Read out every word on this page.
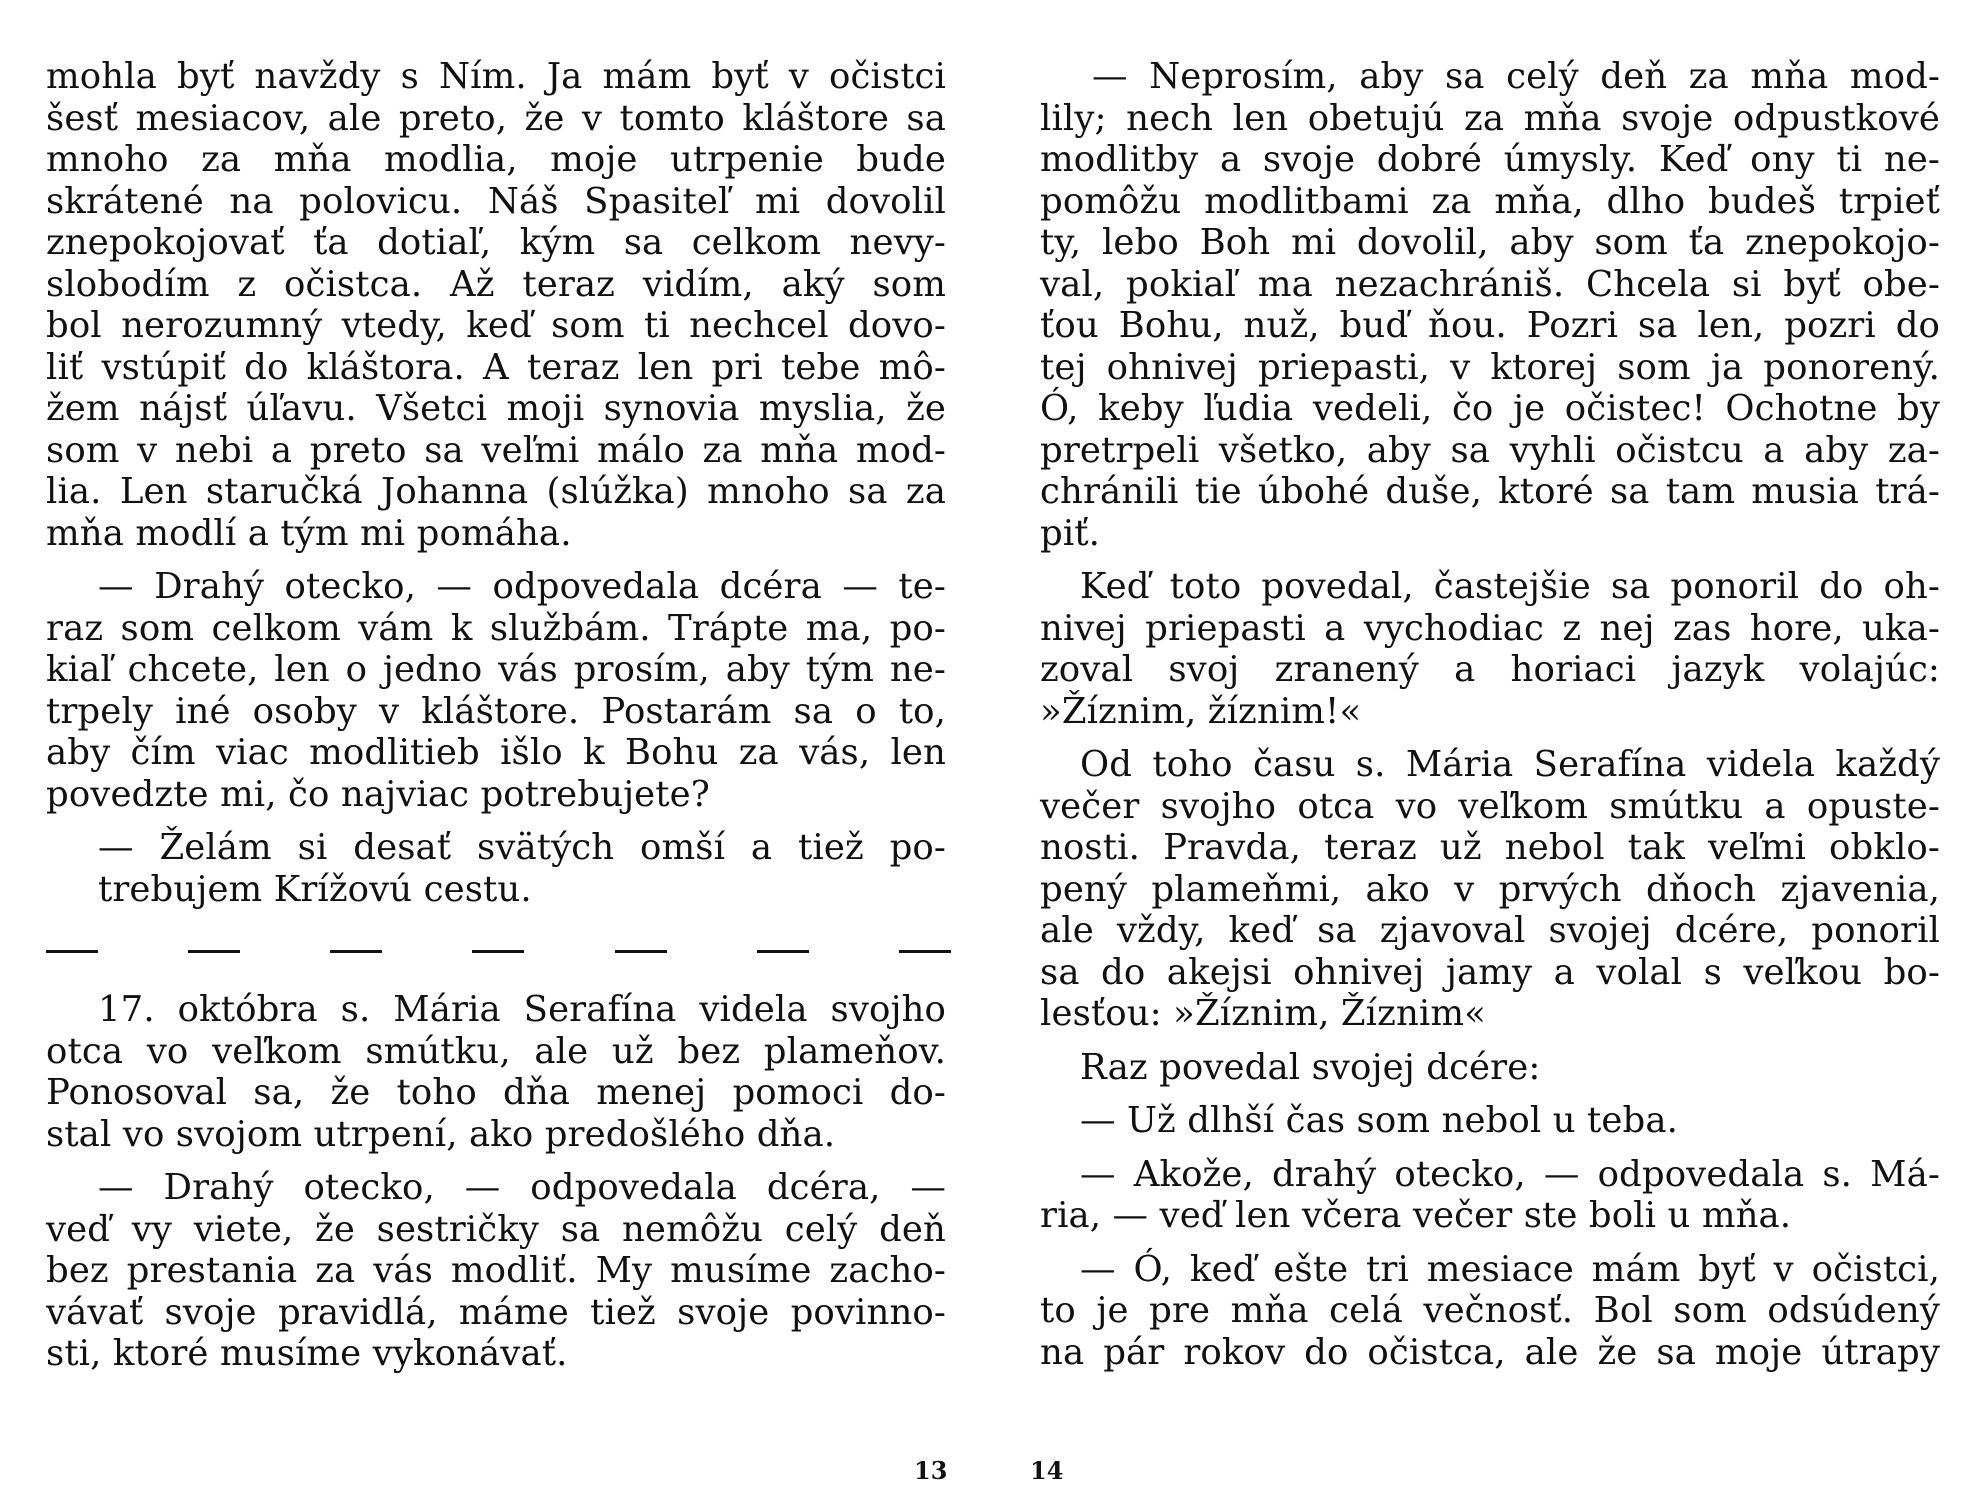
mohla byť navždy s Ním. Ja mám byť v očistci
šesť mesiacov, ale preto, že v tomto kláštore sa
mnoho za mňa modlia, moje utrpenie bude
skrátené na polovicu. Náš Spasiteľ mi dovolil
znepokojovať ťa dotiaľ, kým sa celkom nevy-
slobodím z očistca. Až teraz vidím, aký som
bol nerozumný vtedy, keď som ti nechcel dovo-
liť vstúpiť do kláštora. A teraz len pri tebe mô-
žem nájsť úľavu. Všetci moji synovia myslia, že
som v nebi a preto sa veľmi málo za mňa mod-
lia. Len staručká Johanna (slúžka) mnoho sa za
mňa modlí a tým mi pomáha.
— Drahý otecko, — odpovedala dcéra — te-
raz som celkom vám k službám. Trápte ma, po-
kiaľ chcete, len o jedno vás prosím, aby tým ne-
trpely iné osoby v kláštore. Postarám sa o to,
aby čím viac modlitieb išlo k Bohu za vás, len
povedzte mi, čo najviac potrebujete?
— Želám si desať svätých omší a tiež po-
trebujem Krížovú cestu.
17. októbra s. Mária Serafína videla svojho
otca vo veľkom smútku, ale už bez plameňov.
Ponosoval sa, že toho dňa menej pomoci do-
stal vo svojom utrpení, ako predošlého dňa.
— Drahý otecko, — odpovedala dcéra, —
veď vy viete, že sestričky sa nemôžu celý deň
bez prestania za vás modliť. My musíme zacho-
vávať svoje pravidlá, máme tiež svoje povinno-
sti, ktoré musíme vykonávať.
— Neprosím, aby sa celý deň za mňa mod-
lily; nech len obetujú za mňa svoje odpustkové
modlitby a svoje dobré úmysly. Keď ony ti ne-
pomôžu modlitbami za mňa, dlho budeš trpieť
ty, lebo Boh mi dovolil, aby som ťa znepokojo-
val, pokiaľ ma nezachrániš. Chcela si byť obe-
ťou Bohu, nuž, buď ňou. Pozri sa len, pozri do
tej ohnivej priepasti, v ktorej som ja ponorený.
Ó, keby ľudia vedeli, čo je očistec! Ochotne by
pretrpeli všetko, aby sa vyhli očistcu a aby za-
chránili tie úbohé duše, ktoré sa tam musia trá-
piť.
Keď toto povedal, častejšie sa ponoril do oh-
nivej priepasti a vychodiac z nej zas hore, uka-
zoval svoj zranený a horiaci jazyk volajúc:
»Žíznim, žíznim!«
Od toho času s. Mária Serafína videla každý
večer svojho otca vo veľkom smútku a opuste-
nosti. Pravda, teraz už nebol tak veľmi obklo-
pený plameňmi, ako v prvých dňoch zjavenia,
ale vždy, keď sa zjavoval svojej dcére, ponoril
sa do akejsi ohnivej jamy a volal s veľkou bo-
lesťou: »Žíznim, Žíznim«
Raz povedal svojej dcére:
— Už dlhší čas som nebol u teba.
— Akože, drahý otecko, — odpovedala s. Má-
ria, — veď len včera večer ste boli u mňa.
— Ó, keď ešte tri mesiace mám byť v očistci,
to je pre mňa celá večnosť. Bol som odsúdený
na pár rokov do očistca, ale že sa moje útrapy
13	14
